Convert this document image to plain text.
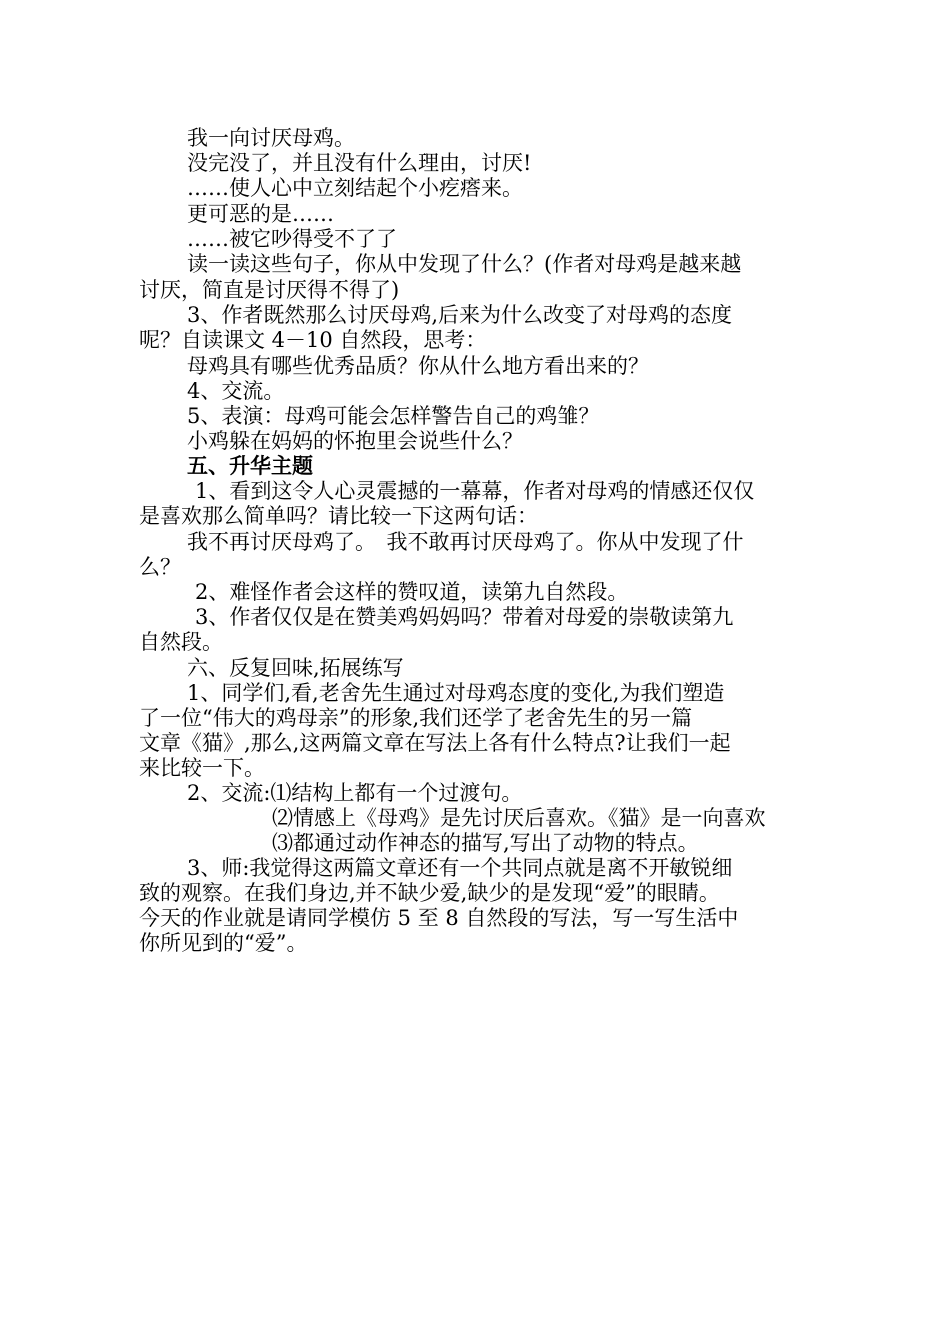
我一向讨厌母鸡。
没完没了，并且没有什么理由，讨厌!
……使人心中立刻结起个小疙瘩来。
更可恶的是……
……被它吵得受不了了
读一读这些句子，你从中发现了什么？(作者对母鸡是越来越
讨厌，简直是讨厌得不得了)
3、作者既然那么讨厌母鸡,后来为什么改变了对母鸡的态度
呢？自读课文 4－10 自然段，思考：
母鸡具有哪些优秀品质？你从什么地方看出来的？
4、交流。
5、表演：母鸡可能会怎样警告自己的鸡雏？
小鸡躲在妈妈的怀抱里会说些什么？
五、升华主题
1、看到这令人心灵震撼的一幕幕，作者对母鸡的情感还仅仅
是喜欢那么简单吗？请比较一下这两句话：
我不再讨厌母鸡了。　我不敢再讨厌母鸡了。你从中发现了什
么？
2、难怪作者会这样的赞叹道，读第九自然段。
3、作者仅仅是在赞美鸡妈妈吗？带着对母爱的崇敬读第九
自然段。
六、反复回味,拓展练写
1、同学们,看,老舍先生通过对母鸡态度的变化,为我们塑造
了一位“伟大的鸡母亲”的形象,我们还学了老舍先生的另一篇
文章《猫》,那么,这两篇文章在写法上各有什么特点?让我们一起
来比较一下。
2、交流:⑴结构上都有一个过渡句。
⑵情感上《母鸡》是先讨厌后喜欢。《猫》是一向喜欢
⑶都通过动作神态的描写,写出了动物的特点。
3、师:我觉得这两篇文章还有一个共同点就是离不开敏锐细
致的观察。在我们身边,并不缺少爱,缺少的是发现“爱”的眼睛。
今天的作业就是请同学模仿 5 至 8 自然段的写法，写一写生活中
你所见到的“爱”。
